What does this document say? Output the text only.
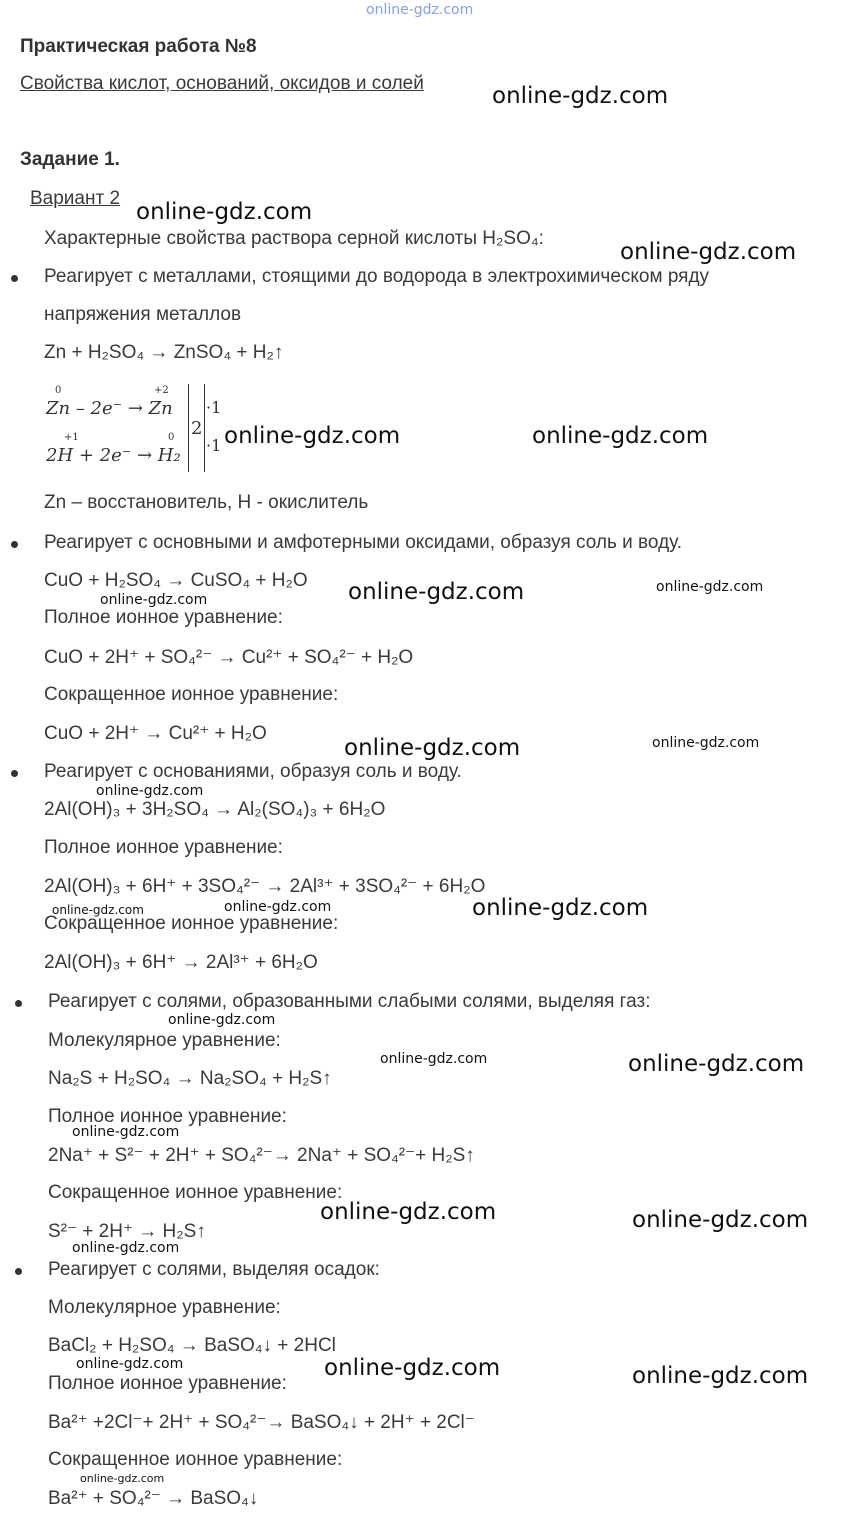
online-gdz.com
Практическая работа №8
Свойства кислот, оснований, оксидов и солей	online-gdz.com
Задание 1.
Вариант 2
online-gdz.com
Характерные свойства раствора серной кислоты H₂SO₄:
online-gdz.com
Реагирует с металлами, стоящими до водорода в электрохимическом ряду
напряжения металлов
Zn + H₂SO₄ → ZnSO₄ + H₂↑
0	+2
Zn – 2e⁻ → Zn
+1	0
2H + 2e⁻ → H₂
2
·1
·1 online-gdz.com	online-gdz.com
Zn – восстановитель, H - окислитель
Реагирует с основными и амфотерными оксидами, образуя соль и воду.
CuO + H₂SO₄ → CuSO₄ + H₂O online-gdz.com	online-gdz.com
online-gdz.com
Полное ионное уравнение:
CuO + 2H⁺ + SO₄²⁻ → Cu²⁺ + SO₄²⁻ + H₂O
Сокращенное ионное уравнение:
CuO + 2H⁺ → Cu²⁺ + H₂O
online-gdz.com	online-gdz.com
Реагирует с основаниями, образуя соль и воду.
online-gdz.com
2Al(OH)₃ + 3H₂SO₄ → Al₂(SO₄)₃ + 6H₂O
Полное ионное уравнение:
2Al(OH)₃ + 6H⁺ + 3SO₄²⁻ → 2Al³⁺ + 3SO₄²⁻ + 6H₂O
online-gdz.com
online-gdz.com	online-gdz.com
Сокращенное ионное уравнение:
2Al(OH)₃ + 6H⁺ → 2Al³⁺ + 6H₂O
Реагирует с солями, образованными слабыми солями, выделяя газ:
online-gdz.com
Молекулярное уравнение:
online-gdz.com	online-gdz.com
Na₂S + H₂SO₄ → Na₂SO₄ + H₂S↑
Полное ионное уравнение:
online-gdz.com
2Na⁺ + S²⁻ + 2H⁺ + SO₄²⁻→ 2Na⁺ + SO₄²⁻+ H₂S↑
Сокращенное ионное уравнение:
online-gdz.com	online-gdz.com
S²⁻ + 2H⁺ → H₂S↑
online-gdz.com
Реагирует с солями, выделяя осадок:
Молекулярное уравнение:
BaCl₂ + H₂SO₄ → BaSO₄↓ + 2HCl
online-gdz.com	online-gdz.com	online-gdz.com
Полное ионное уравнение:
Ba²⁺ +2Cl⁻+ 2H⁺ + SO₄²⁻→ BaSO₄↓ + 2H⁺ + 2Cl⁻
Сокращенное ионное уравнение:
online-gdz.com
Ba²⁺ + SO₄²⁻ → BaSO₄↓
